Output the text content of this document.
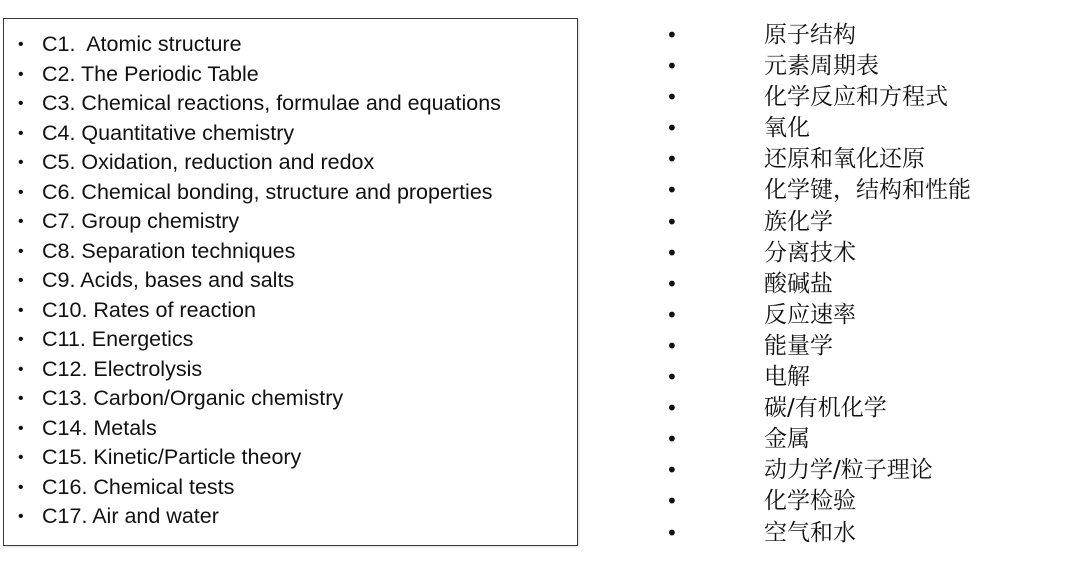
• C1.  Atomic structure
• C2. The Periodic Table
• C3. Chemical reactions, formulae and equations
• C4. Quantitative chemistry
• C5. Oxidation, reduction and redox
• C6. Chemical bonding, structure and properties
• C7. Group chemistry
• C8. Separation techniques
• C9. Acids, bases and salts
• C10. Rates of reaction
• C11. Energetics
• C12. Electrolysis
• C13. Carbon/Organic chemistry
• C14. Metals
• C15. Kinetic/Particle theory
• C16. Chemical tests
• C17. Air and water
•	原子结构
•	元素周期表
•	化学反应和方程式
•	氧化
•	还原和氧化还原
•	化学键，结构和性能
•	族化学
•	分离技术
•	酸碱盐
•	反应速率
•	能量学
•	电解
•	碳/有机化学
•	金属
•	动力学/粒子理论
•	化学检验
•	空气和水
